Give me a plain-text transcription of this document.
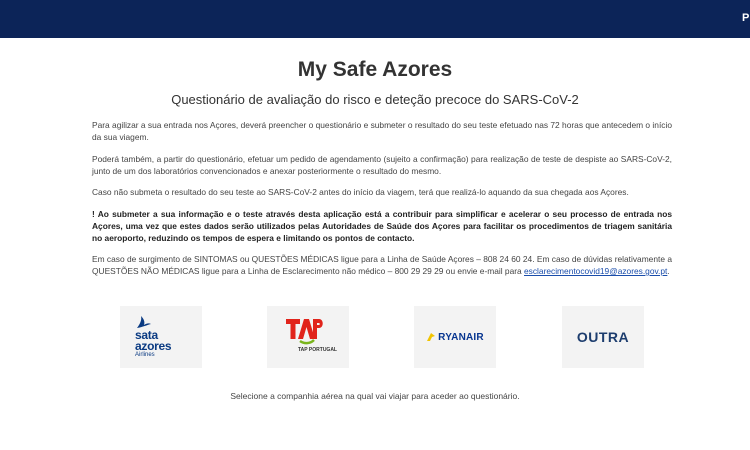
P
My Safe Azores
Questionário de avaliação do risco e deteção precoce do SARS-CoV-2

Para agilizar a sua entrada nos Açores, deverá preencher o questionário e submeter o resultado do seu teste efetuado nas 72 horas que antecedem o início da sua viagem.

Poderá também, a partir do questionário, efetuar um pedido de agendamento (sujeito a confirmação) para realização de teste de despiste ao SARS-CoV-2, junto de um dos laboratórios convencionados e anexar posteriormente o resultado do mesmo.

Caso não submeta o resultado do seu teste ao SARS-CoV-2 antes do início da viagem, terá que realizá-lo aquando da sua chegada aos Açores.

! Ao submeter a sua informação e o teste através desta aplicação está a contribuir para simplificar e acelerar o seu processo de entrada nos Açores, uma vez que estes dados serão utilizados pelas Autoridades de Saúde dos Açores para facilitar os procedimentos de triagem sanitária no aeroporto, reduzindo os tempos de espera e limitando os pontos de contacto.

Em caso de surgimento de SINTOMAS ou QUESTÕES MÉDICAS ligue para a Linha de Saúde Açores – 808 24 60 24. Em caso de dúvidas relativamente a QUESTÕES NÃO MÉDICAS ligue para a Linha de Esclarecimento não médico – 800 29 29 29 ou envie e-mail para esclarecimentocovid19@azores.gov.pt.

sata
azores
Airlines
TAP PORTUGAL
RYANAIR	OUTRA

Selecione a companhia aérea na qual vai viajar para aceder ao questionário.
